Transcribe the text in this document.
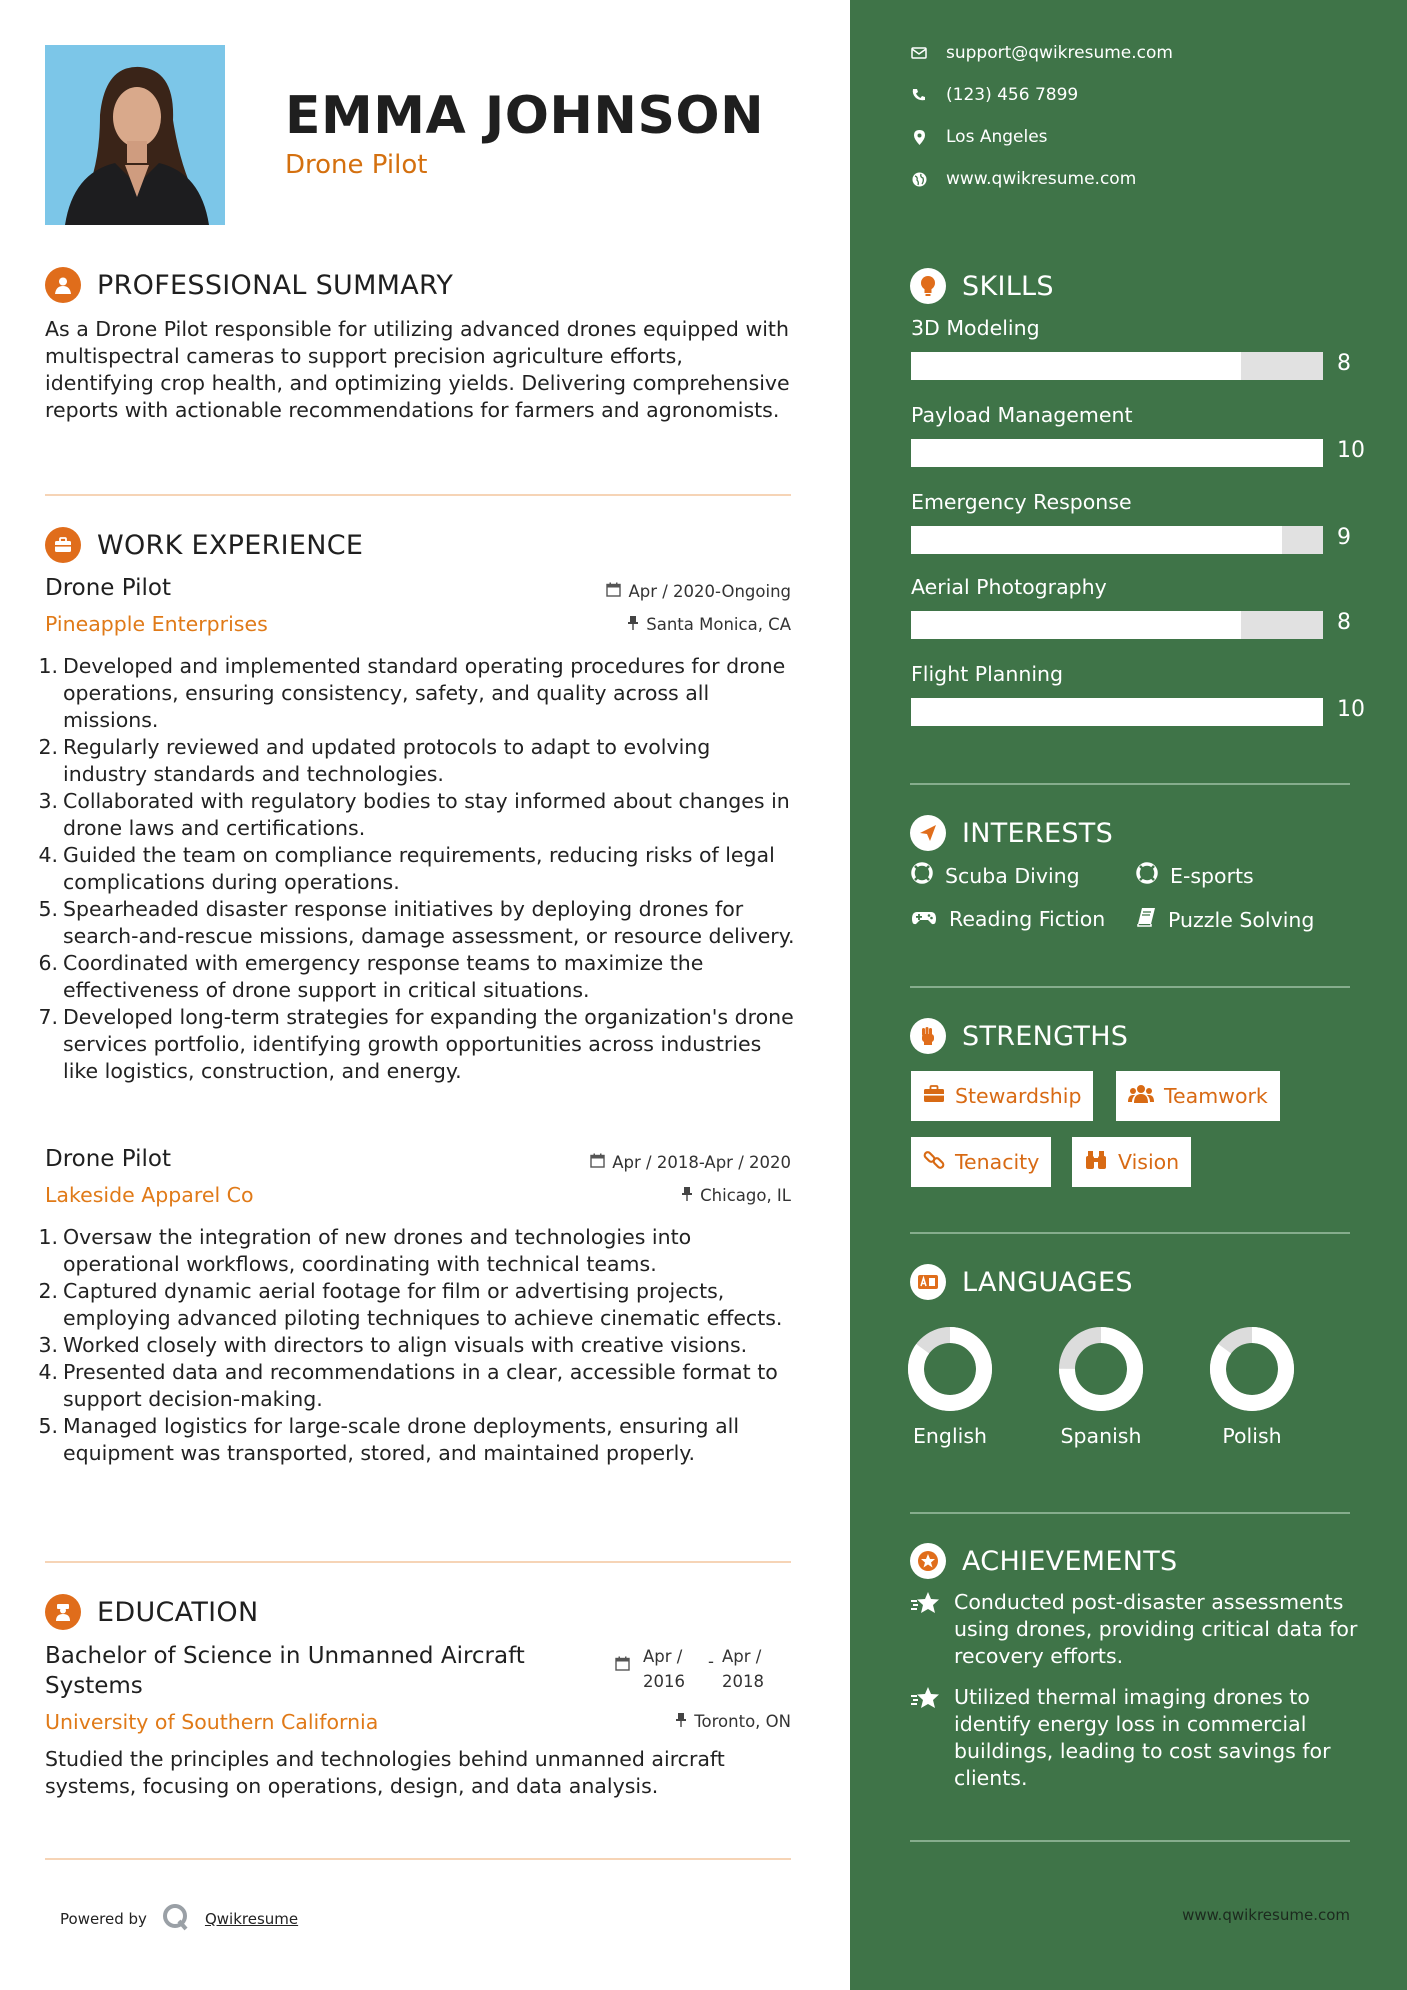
EMMA JOHNSON
Drone Pilot
PROFESSIONAL SUMMARY
As a Drone Pilot responsible for utilizing advanced drones equipped with multispectral cameras to support precision agriculture efforts, identifying crop health, and optimizing yields. Delivering comprehensive reports with actionable recommendations for farmers and agronomists.
WORK EXPERIENCE
Drone Pilot	Apr / 2020-Ongoing
Pineapple Enterprises	Santa Monica, CA
1. Developed and implemented standard operating procedures for drone operations, ensuring consistency, safety, and quality across all missions.
2. Regularly reviewed and updated protocols to adapt to evolving industry standards and technologies.
3. Collaborated with regulatory bodies to stay informed about changes in drone laws and certifications.
4. Guided the team on compliance requirements, reducing risks of legal complications during operations.
5. Spearheaded disaster response initiatives by deploying drones for search-and-rescue missions, damage assessment, or resource delivery.
6. Coordinated with emergency response teams to maximize the effectiveness of drone support in critical situations.
7. Developed long-term strategies for expanding the organization's drone services portfolio, identifying growth opportunities across industries like logistics, construction, and energy.
Drone Pilot	Apr / 2018-Apr / 2020
Lakeside Apparel Co	Chicago, IL
1. Oversaw the integration of new drones and technologies into operational workflows, coordinating with technical teams.
2. Captured dynamic aerial footage for film or advertising projects, employing advanced piloting techniques to achieve cinematic effects.
3. Worked closely with directors to align visuals with creative visions.
4. Presented data and recommendations in a clear, accessible format to support decision-making.
5. Managed logistics for large-scale drone deployments, ensuring all equipment was transported, stored, and maintained properly.
EDUCATION
Bachelor of Science in Unmanned Aircraft Systems
Apr /
2016
- Apr /
2018
University of Southern California	Toronto, ON
Studied the principles and technologies behind unmanned aircraft systems, focusing on operations, design, and data analysis.
Powered by	Qwikresume
support@qwikresume.com
(123) 456 7899
Los Angeles
www.qwikresume.com
SKILLS
3D Modeling
8
Payload Management
10
Emergency Response
9
Aerial Photography
8
Flight Planning
10
INTERESTS
Scuba Diving	E-sports
Reading Fiction	Puzzle Solving
STRENGTHS
Stewardship	Teamwork
Tenacity	Vision
LANGUAGES
English	Spanish	Polish
ACHIEVEMENTS
Conducted post-disaster assessments using drones, providing critical data for recovery efforts.
Utilized thermal imaging drones to identify energy loss in commercial buildings, leading to cost savings for clients.
www.qwikresume.com
